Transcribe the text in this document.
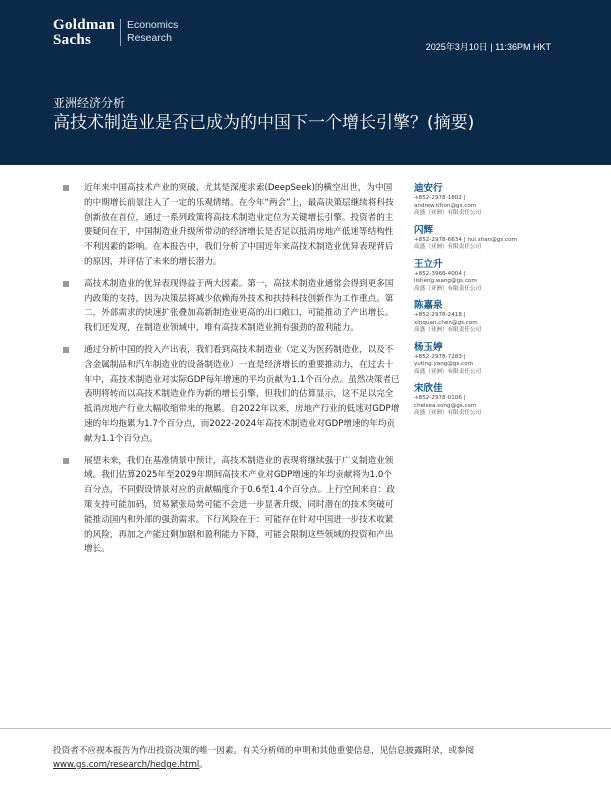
Goldman
Sachs
Economics
Research
2025年3月10日 | 11:36PM HKT
亚洲经济分析
高技术制造业是否已成为的中国下一个增长引擎？(摘要)
近年来中国高技术产业的突破，尤其是深度求索(DeepSeek)的横空出世，为中国的中期增长前景注入了一定的乐观情绪。在今年“两会”上，最高决策层继续将科技创新放在首位，通过一系列政策将高技术制造业定位为关键增长引擎。投资者的主要疑问在于，中国制造业升级所带动的经济增长是否足以抵消房地产低迷等结构性不利因素的影响。在本报告中，我们分析了中国近年来高技术制造业优异表现背后的原因，并评估了未来的增长潜力。
高技术制造业的优异表现得益于两大因素。第一，高技术制造业通常会得到更多国内政策的支持，因为决策层将减少依赖海外技术和扶持科技创新作为工作重点。第二，外部需求的快速扩张叠加高新制造业更高的出口敞口，可能推动了产出增长。我们还发现，在制造业领域中，唯有高技术制造业拥有强劲的盈利能力。
通过分析中国的投入产出表，我们看到高技术制造业（定义为医药制造业，以及不含金属制品和汽车制造业的设备制造业）一直是经济增长的重要推动力，在过去十年中，高技术制造业对实际GDP每年增速的平均贡献为1.1个百分点。虽然决策者已表明将转而以高技术制造业作为新的增长引擎，但我们的估算显示，这不足以完全抵消房地产行业大幅收缩带来的拖累。自2022年以来，房地产行业的低迷对GDP增速的年均拖累为1.7个百分点，而2022-2024年高技术制造业对GDP增速的年均贡献为1.1个百分点。
展望未来，我们在基准情景中预计，高技术制造业的表现将继续强于广义制造业领域。我们估算2025年至2029年期间高技术产业对GDP增速的年均贡献将为1.0个百分点，不同假设情景对应的贡献幅度介于0.6至1.4个百分点。上行空间来自：政策支持可能加码，贸易紧张局势可能不会进一步显著升级，同时潜在的技术突破可能推动国内和外部的强劲需求。下行风险在于：可能存在针对中国进一步技术收紧的风险，再加之产能过剩加剧和盈利能力下降，可能会限制这些领域的投资和产出增长。
迪安行
+852-2978-1802 |
andrew.tilton@gs.com
高盛（亚洲）有限责任公司
闪辉
+852-2978-6634 | hui.shan@gs.com
高盛（亚洲）有限责任公司
王立升
+852-3966-4004 |
lisheng.wang@gs.com
高盛（亚洲）有限责任公司
陈嘉泉
+852-2978-2418 |
xinquan.chen@gs.com
高盛（亚洲）有限责任公司
杨玉婷
+852-2978-7283 |
yuting.yang@gs.com
高盛（亚洲）有限责任公司
宋欣佳
+852-2978-0106 |
chelsea.song@gs.com
高盛（亚洲）有限责任公司
投资者不应视本报告为作出投资决策的唯一因素。有关分析师的申明和其他重要信息，见信息披露附录，或参阅www.gs.com/research/hedge.html。
